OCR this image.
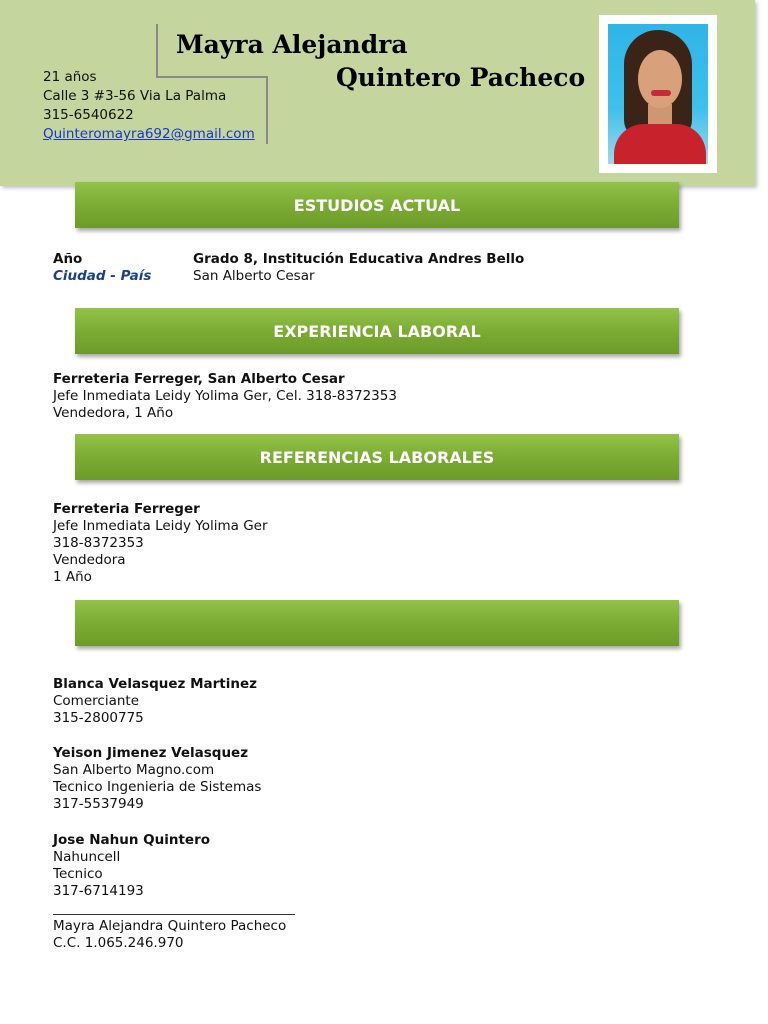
Mayra Alejandra
Quintero Pacheco
21 años
Calle 3 #3-56 Via La Palma
315-6540622
Quinteromayra692@gmail.com
ESTUDIOS ACTUAL
Año	Grado 8, Institución Educativa Andres Bello
Ciudad - País	San Alberto Cesar
EXPERIENCIA LABORAL
Ferreteria Ferreger, San Alberto Cesar
Jefe Inmediata Leidy Yolima Ger, Cel. 318-8372353
Vendedora, 1 Año
REFERENCIAS LABORALES
Ferreteria Ferreger
Jefe Inmediata Leidy Yolima Ger
318-8372353
Vendedora
1 Año
Blanca Velasquez Martinez
Comerciante
315-2800775
Yeison Jimenez Velasquez
San Alberto Magno.com
Tecnico Ingenieria de Sistemas
317-5537949
Jose Nahun Quintero
Nahuncell
Tecnico
317-6714193
Mayra Alejandra Quintero Pacheco
C.C. 1.065.246.970
